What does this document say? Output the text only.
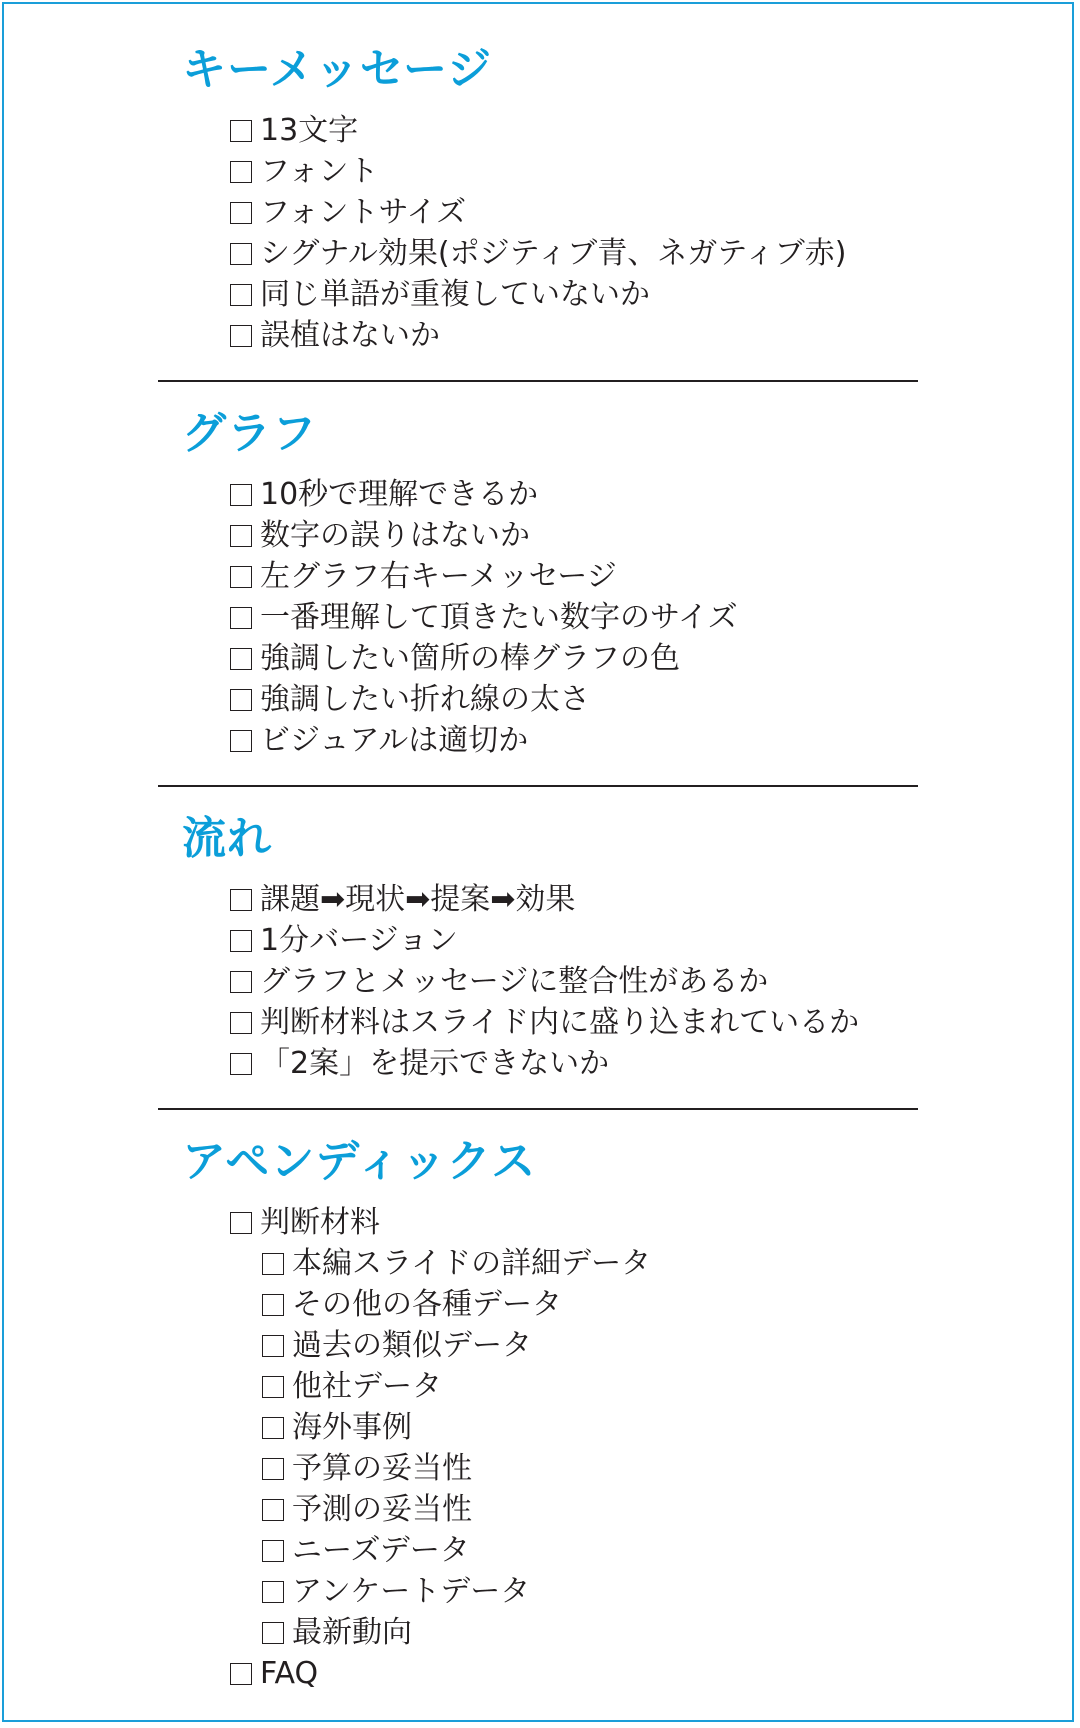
キーメッセージ
13文字
フォント
フォントサイズ
シグナル効果(ポジティブ青、ネガティブ赤)
同じ単語が重複していないか
誤植はないか
グラフ
10秒で理解できるか
数字の誤りはないか
左グラフ右キーメッセージ
一番理解して頂きたい数字のサイズ
強調したい箇所の棒グラフの色
強調したい折れ線の太さ
ビジュアルは適切か
流れ
課題➡現状➡提案➡効果
1分バージョン
グラフとメッセージに整合性があるか
判断材料はスライド内に盛り込まれているか
「2案」を提示できないか
アペンディックス
判断材料
本編スライドの詳細データ
その他の各種データ
過去の類似データ
他社データ
海外事例
予算の妥当性
予測の妥当性
ニーズデータ
アンケートデータ
最新動向
FAQ
